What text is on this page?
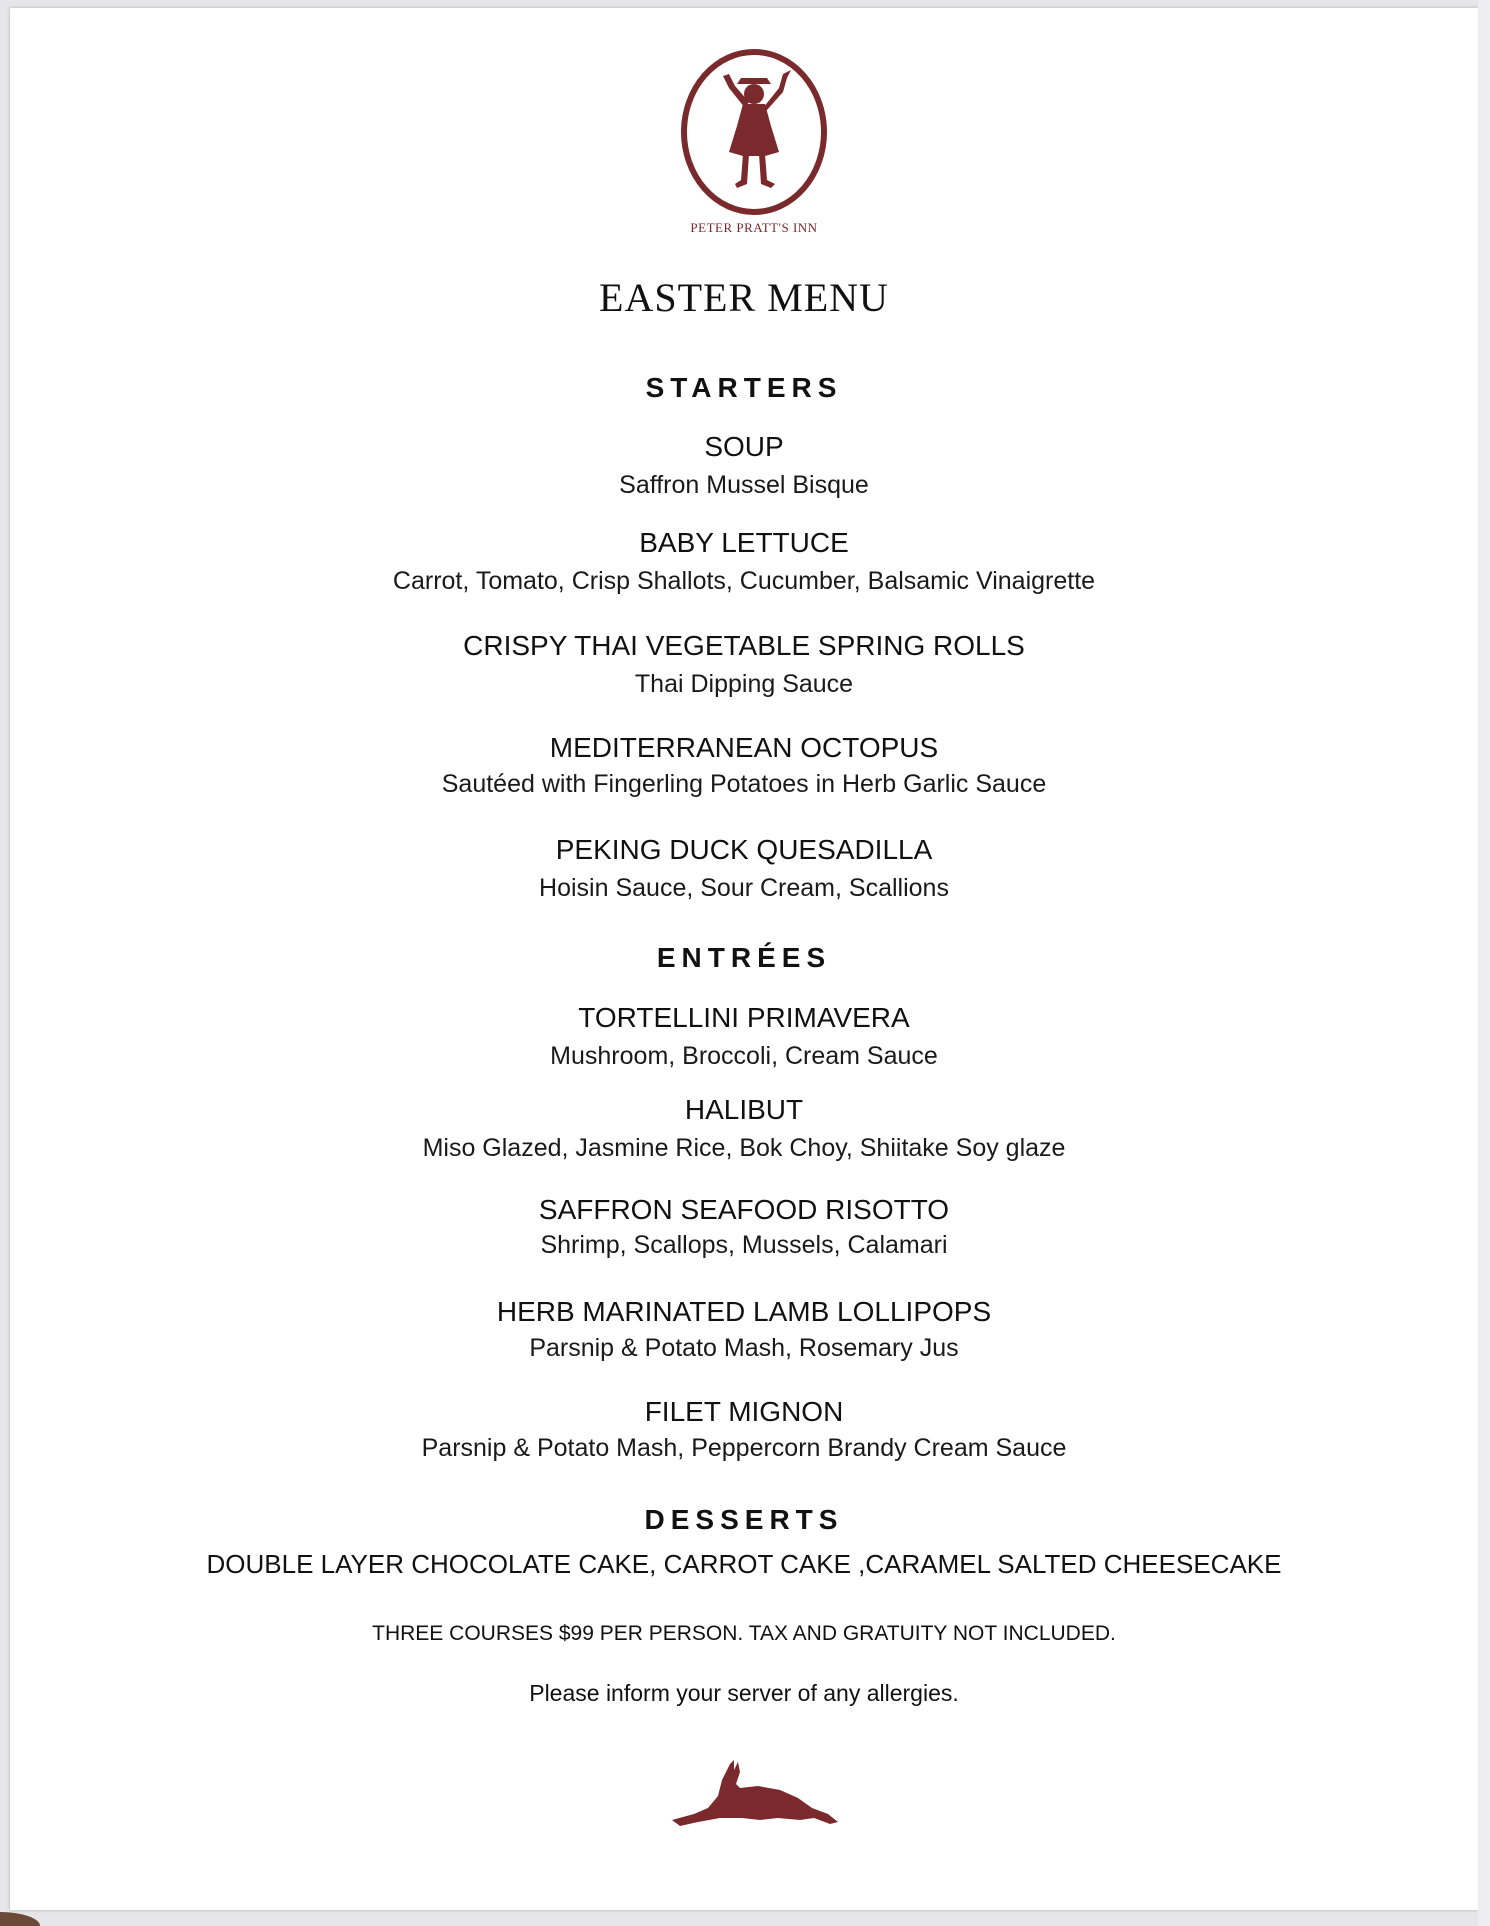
PETER PRATT'S INN
EASTER MENU
STARTERS
SOUP
Saffron Mussel Bisque
BABY LETTUCE
Carrot, Tomato, Crisp Shallots, Cucumber, Balsamic Vinaigrette
CRISPY THAI VEGETABLE SPRING ROLLS
Thai Dipping Sauce
MEDITERRANEAN OCTOPUS
Sautéed with Fingerling Potatoes in Herb Garlic Sauce
PEKING DUCK QUESADILLA
Hoisin Sauce, Sour Cream, Scallions
ENTRÉES
TORTELLINI PRIMAVERA
Mushroom, Broccoli, Cream Sauce
HALIBUT
Miso Glazed, Jasmine Rice, Bok Choy, Shiitake Soy glaze
SAFFRON SEAFOOD RISOTTO
Shrimp, Scallops, Mussels, Calamari
HERB MARINATED LAMB LOLLIPOPS
Parsnip & Potato Mash, Rosemary Jus
FILET MIGNON
Parsnip & Potato Mash, Peppercorn Brandy Cream Sauce
DESSERTS
DOUBLE LAYER CHOCOLATE CAKE, CARROT CAKE ,CARAMEL SALTED CHEESECAKE
THREE COURSES $99 PER PERSON. TAX AND GRATUITY NOT INCLUDED.
Please inform your server of any allergies.
